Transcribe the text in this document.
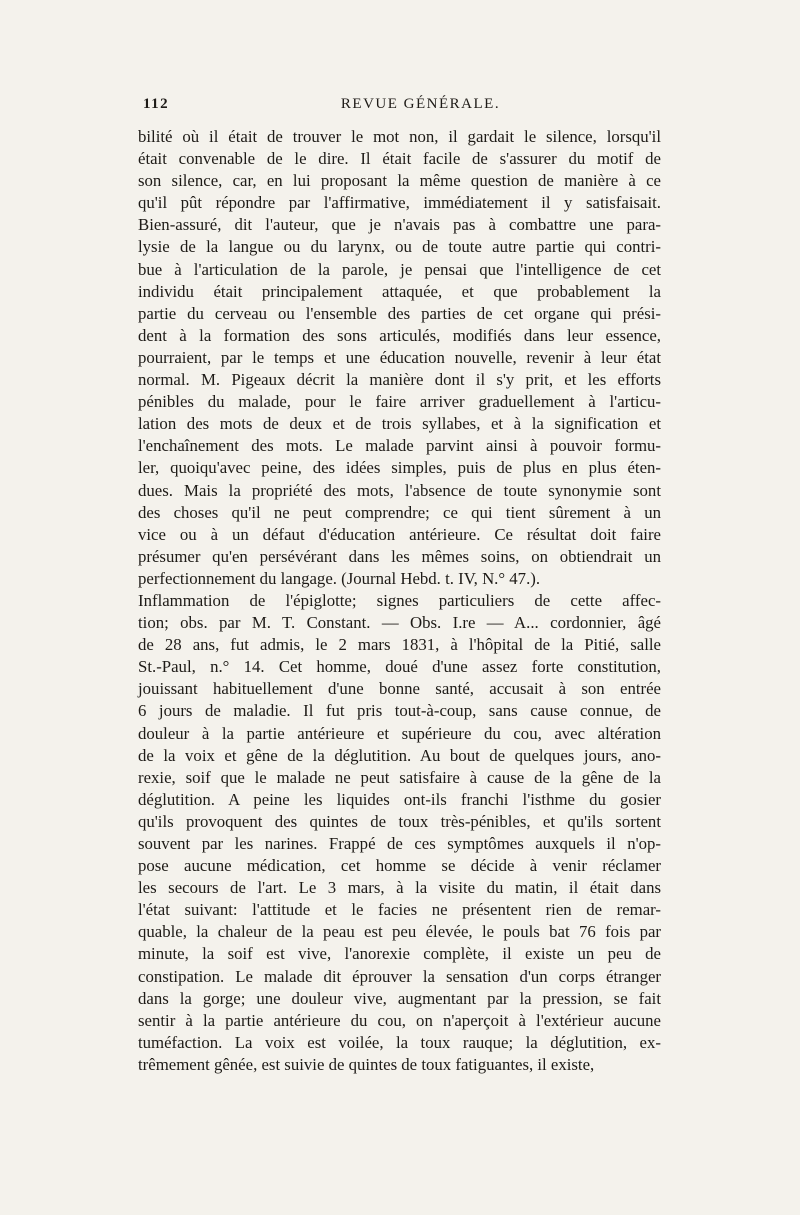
112	REVUE GÉNÉRALE.
bilité où il était de trouver le mot non, il gardait le silence, lorsqu'il
était convenable de le dire. Il était facile de s'assurer du motif de
son silence, car, en lui proposant la même question de manière à ce
qu'il pût répondre par l'affirmative, immédiatement il y satisfaisait.
Bien-assuré, dit l'auteur, que je n'avais pas à combattre une para-
lysie de la langue ou du larynx, ou de toute autre partie qui contri-
bue à l'articulation de la parole, je pensai que l'intelligence de cet
individu était principalement attaquée, et que probablement la
partie du cerveau ou l'ensemble des parties de cet organe qui prési-
dent à la formation des sons articulés, modifiés dans leur essence,
pourraient, par le temps et une éducation nouvelle, revenir à leur état
normal. M. Pigeaux décrit la manière dont il s'y prit, et les efforts
pénibles du malade, pour le faire arriver graduellement à l'articu-
lation des mots de deux et de trois syllabes, et à la signification et
l'enchaînement des mots. Le malade parvint ainsi à pouvoir formu-
ler, quoiqu'avec peine, des idées simples, puis de plus en plus éten-
dues. Mais la propriété des mots, l'absence de toute synonymie sont
des choses qu'il ne peut comprendre; ce qui tient sûrement à un
vice ou à un défaut d'éducation antérieure. Ce résultat doit faire
présumer qu'en persévérant dans les mêmes soins, on obtiendrait un
perfectionnement du langage. (Journal Hebd. t. IV, N.° 47.).
Inflammation de l'épiglotte; signes particuliers de cette affec-
tion; obs. par M. T. Constant. — Obs. I.re — A... cordonnier, âgé
de 28 ans, fut admis, le 2 mars 1831, à l'hôpital de la Pitié, salle
St.-Paul, n.° 14. Cet homme, doué d'une assez forte constitution,
jouissant habituellement d'une bonne santé, accusait à son entrée
6 jours de maladie. Il fut pris tout-à-coup, sans cause connue, de
douleur à la partie antérieure et supérieure du cou, avec altération
de la voix et gêne de la déglutition. Au bout de quelques jours, ano-
rexie, soif que le malade ne peut satisfaire à cause de la gêne de la
déglutition. A peine les liquides ont-ils franchi l'isthme du gosier
qu'ils provoquent des quintes de toux très-pénibles, et qu'ils sortent
souvent par les narines. Frappé de ces symptômes auxquels il n'op-
pose aucune médication, cet homme se décide à venir réclamer
les secours de l'art. Le 3 mars, à la visite du matin, il était dans
l'état suivant: l'attitude et le facies ne présentent rien de remar-
quable, la chaleur de la peau est peu élevée, le pouls bat 76 fois par
minute, la soif est vive, l'anorexie complète, il existe un peu de
constipation. Le malade dit éprouver la sensation d'un corps étranger
dans la gorge; une douleur vive, augmentant par la pression, se fait
sentir à la partie antérieure du cou, on n'aperçoit à l'extérieur aucune
tuméfaction. La voix est voilée, la toux rauque; la déglutition, ex-
trêmement gênée, est suivie de quintes de toux fatiguantes, il existe,
